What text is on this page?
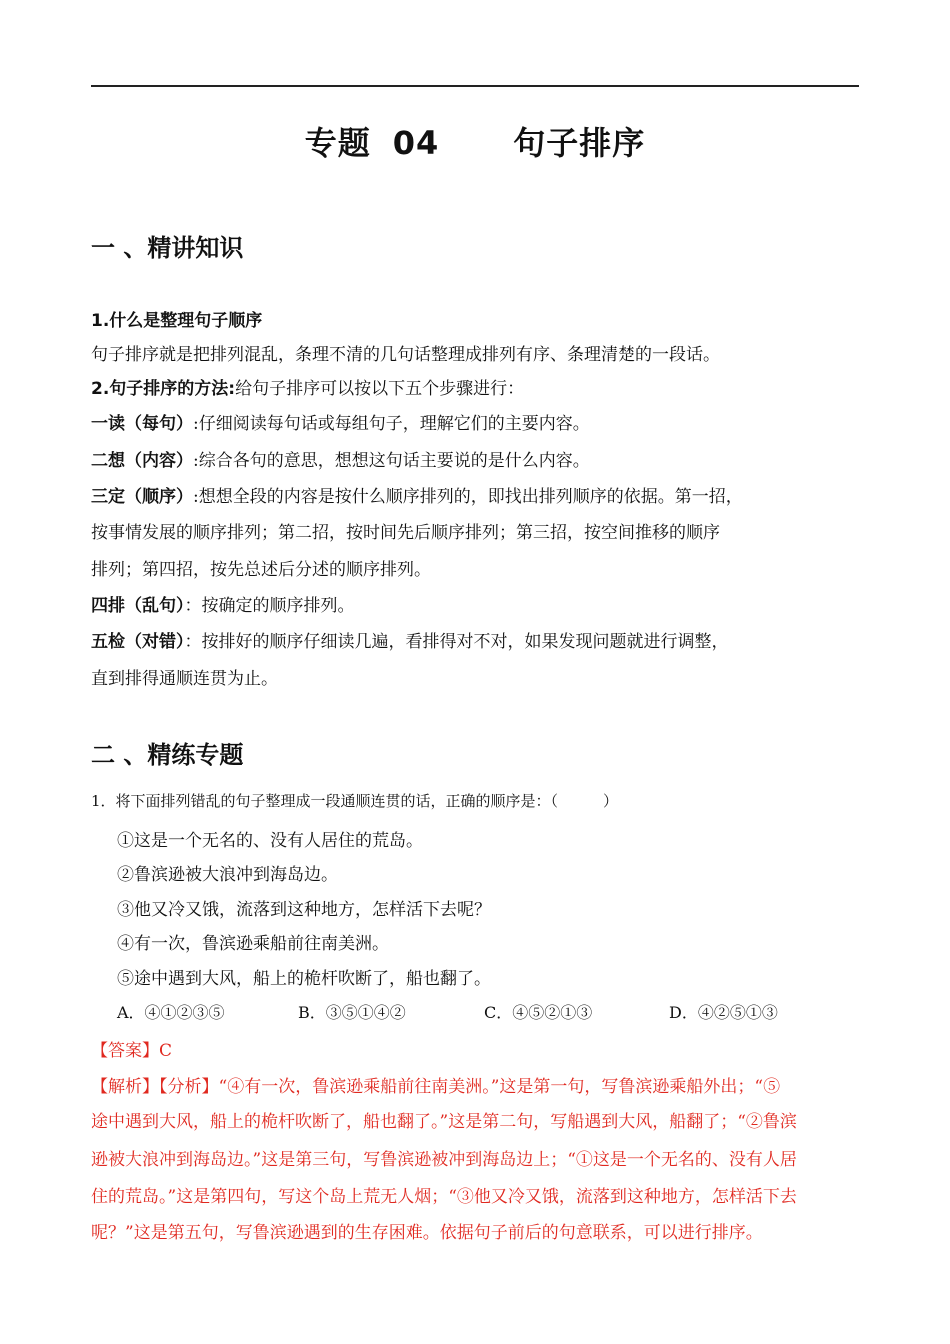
专题 04 句子排序
一 、精讲知识
1.什么是整理句子顺序
句子排序就是把排列混乱，条理不清的几句话整理成排列有序、条理清楚的一段话。
2.句子排序的方法:给句子排序可以按以下五个步骤进行：
一读（每句）:仔细阅读每句话或每组句子，理解它们的主要内容。
二想（内容）:综合各句的意思，想想这句话主要说的是什么内容。
三定（顺序）:想想全段的内容是按什么顺序排列的，即找出排列顺序的依据。第一招，
按事情发展的顺序排列；第二招，按时间先后顺序排列；第三招，按空间推移的顺序
排列；第四招，按先总述后分述的顺序排列。
四排（乱句）：按确定的顺序排列。
五检（对错）：按排好的顺序仔细读几遍，看排得对不对，如果发现问题就进行调整，
直到排得通顺连贯为止。
二 、精练专题
1．将下面排列错乱的句子整理成一段通顺连贯的话，正确的顺序是：（　　　）
①这是一个无名的、没有人居住的荒岛。
②鲁滨逊被大浪冲到海岛边。
③他又冷又饿，流落到这种地方，怎样活下去呢？
④有一次，鲁滨逊乘船前往南美洲。
⑤途中遇到大风，船上的桅杆吹断了，船也翻了。
A．④①②③⑤	B．③⑤①④②	C．④⑤②①③	D．④②⑤①③
【答案】C
【解析】【分析】“④有一次，鲁滨逊乘船前往南美洲。”这是第一句，写鲁滨逊乘船外出；“⑤
途中遇到大风，船上的桅杆吹断了，船也翻了。”这是第二句，写船遇到大风，船翻了；“②鲁滨
逊被大浪冲到海岛边。”这是第三句，写鲁滨逊被冲到海岛边上；“①这是一个无名的、没有人居
住的荒岛。”这是第四句，写这个岛上荒无人烟；“③他又冷又饿，流落到这种地方，怎样活下去
呢？”这是第五句，写鲁滨逊遇到的生存困难。依据句子前后的句意联系，可以进行排序。
